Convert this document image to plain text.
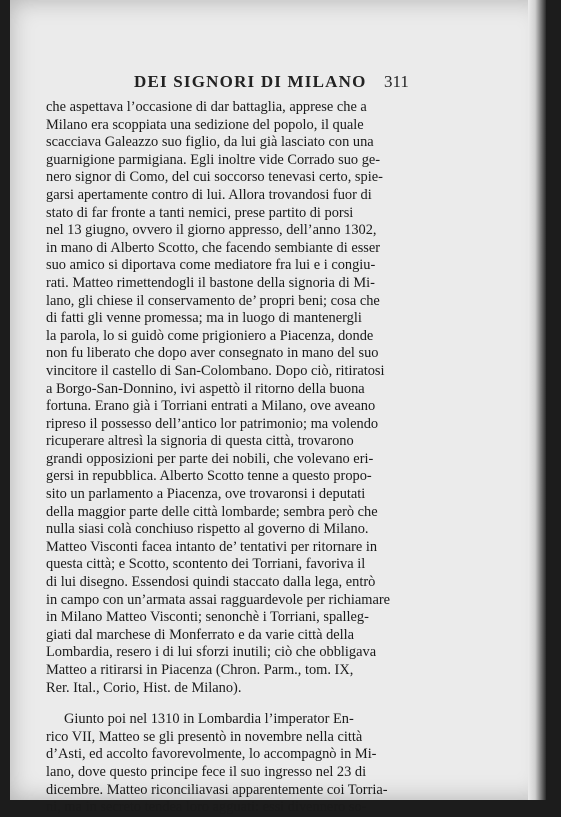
DEI SIGNORI DI MILANO 311
che aspettava l’occasione di dar battaglia, apprese che a
Milano era scoppiata una sedizione del popolo, il quale
scacciava Galeazzo suo figlio, da lui già lasciato con una
guarnigione parmigiana. Egli inoltre vide Corrado suo ge-
nero signor di Como, del cui soccorso tenevasi certo, spie-
garsi apertamente contro di lui. Allora trovandosi fuor di
stato di far fronte a tanti nemici, prese partito di porsi
nel 13 giugno, ovvero il giorno appresso, dell’anno 1302,
in mano di Alberto Scotto, che facendo sembiante di esser
suo amico si diportava come mediatore fra lui e i congiu-
rati. Matteo rimettendogli il bastone della signoria di Mi-
lano, gli chiese il conservamento de’ propri beni; cosa che
di fatti gli venne promessa; ma in luogo di mantenergli
la parola, lo si guidò come prigioniero a Piacenza, donde
non fu liberato che dopo aver consegnato in mano del suo
vincitore il castello di San-Colombano. Dopo ciò, ritiratosi
a Borgo-San-Donnino, ivi aspettò il ritorno della buona
fortuna. Erano già i Torriani entrati a Milano, ove aveano
ripreso il possesso dell’antico lor patrimonio; ma volendo
ricuperare altresì la signoria di questa città, trovarono
grandi opposizioni per parte dei nobili, che volevano eri-
gersi in repubblica. Alberto Scotto tenne a questo propo-
sito un parlamento a Piacenza, ove trovaronsi i deputati
della maggior parte delle città lombarde; sembra però che
nulla siasi colà conchiuso rispetto al governo di Milano.
Matteo Visconti facea intanto de’ tentativi per ritornare in
questa città; e Scotto, scontento dei Torriani, favoriva il
di lui disegno. Essendosi quindi staccato dalla lega, entrò
in campo con un’armata assai ragguardevole per richiamare
in Milano Matteo Visconti; senonchè i Torriani, spalleg-
giati dal marchese di Monferrato e da varie città della
Lombardia, resero i di lui sforzi inutili; ciò che obbligava
Matteo a ritirarsi in Piacenza (Chron. Parm., tom. IX,
Rer. Ital., Corio, Hist. de Milano).
Giunto poi nel 1310 in Lombardia l’imperator En-
rico VII, Matteo se gli presentò in novembre nella città
d’Asti, ed accolto favorevolmente, lo accompagnò in Mi-
lano, dove questo principe fece il suo ingresso nel 23 di
dicembre. Matteo riconciliavasi apparentemente coi Torria-
ni, ma in secreto tendea loro agguati: essi divennero so-
